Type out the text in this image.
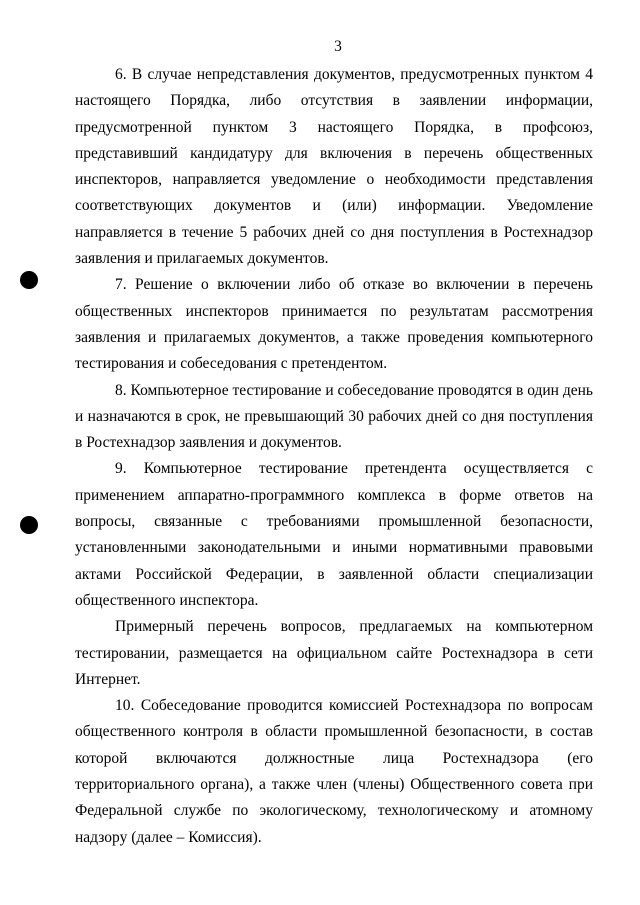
3

6. В случае непредставления документов, предусмотренных пунктом 4 настоящего Порядка, либо отсутствия в заявлении информации, предусмотренной пунктом 3 настоящего Порядка, в профсоюз, представивший кандидатуру для включения в перечень общественных инспекторов, направляется уведомление о необходимости представления соответствующих документов и (или) информации. Уведомление направляется в течение 5 рабочих дней со дня поступления в Ростехнадзор заявления и прилагаемых документов.

7. Решение о включении либо об отказе во включении в перечень общественных инспекторов принимается по результатам рассмотрения заявления и прилагаемых документов, а также проведения компьютерного тестирования и собеседования с претендентом.

8. Компьютерное тестирование и собеседование проводятся в один день и назначаются в срок, не превышающий 30 рабочих дней со дня поступления в Ростехнадзор заявления и документов.

9. Компьютерное тестирование претендента осуществляется с применением аппаратно-программного комплекса в форме ответов на вопросы, связанные с требованиями промышленной безопасности, установленными законодательными и иными нормативными правовыми актами Российской Федерации, в заявленной области специализации общественного инспектора.

Примерный перечень вопросов, предлагаемых на компьютерном тестировании, размещается на официальном сайте Ростехнадзора в сети Интернет.

10. Собеседование проводится комиссией Ростехнадзора по вопросам общественного контроля в области промышленной безопасности, в состав которой включаются должностные лица Ростехнадзора (его территориального органа), а также член (члены) Общественного совета при Федеральной службе по экологическому, технологическому и атомному надзору (далее – Комиссия).
